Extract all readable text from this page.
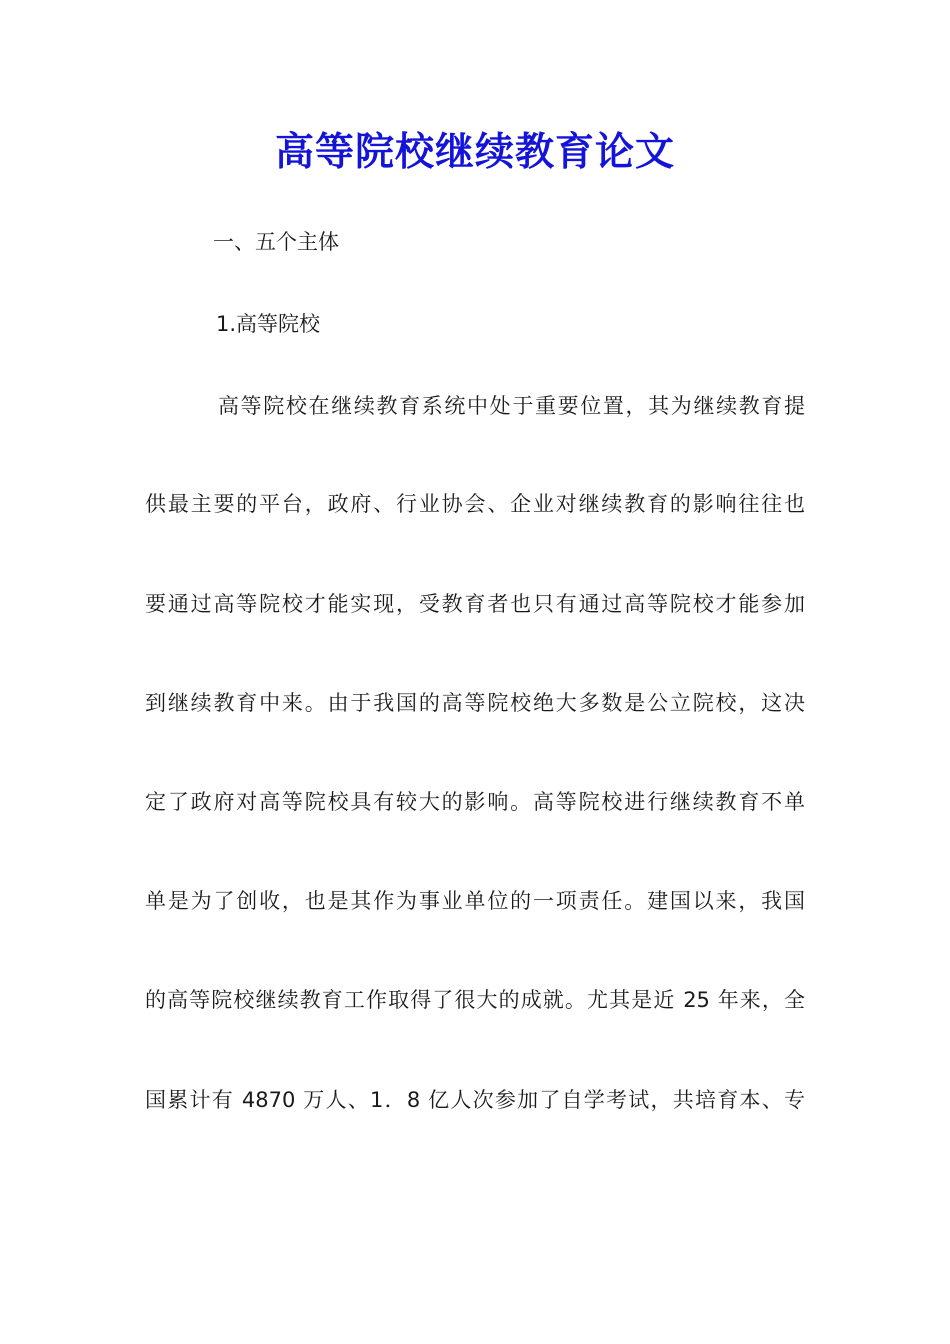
高等院校继续教育论文

一、五个主体

1.高等院校

高等院校在继续教育系统中处于重要位置，其为继续教育提

供最主要的平台，政府、行业协会、企业对继续教育的影响往往也

要通过高等院校才能实现，受教育者也只有通过高等院校才能参加

到继续教育中来。由于我国的高等院校绝大多数是公立院校，这决

定了政府对高等院校具有较大的影响。高等院校进行继续教育不单

单是为了创收，也是其作为事业单位的一项责任。建国以来，我国

的高等院校继续教育工作取得了很大的成就。尤其是近 25 年来，全

国累计有 4870 万人、1．8 亿人次参加了自学考试，共培育本、专
